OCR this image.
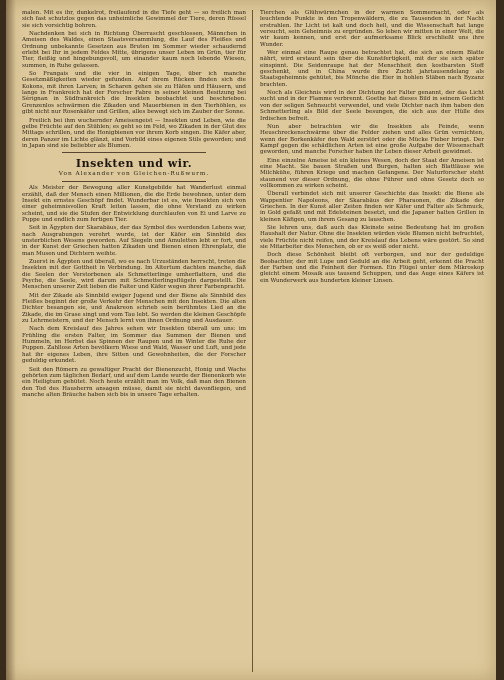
malen. Mit es ihr, dunkelrot, freilaufend in die Tiefe geht — so freilich man sich fast schutzlos gegen das unheimliche Gewimmel der Tiere, deren Rüssel sie sich vorsichtig bohren.

Nachdenken bei sich in Richtung Überrascht geschlossen, Männchen in Ameisen des Waldes, einen Staatsversammlung, die Lauf des Fleißes und Ordnung unbekannte Gesetzen aus Bruten im Sommer wieder schaudernd erlebt bei Ihr in jedem Feldes Mitte, übrigens unser Leben im Grün, tier für Tier, fleißig und hingebungsvoll, um einander kaum noch lebende Wiesen, summen, in Ruhe gelassen.

So Frangais und die vier in einigen Tage, über ich manche Gesetzmäßigkeiten wieder gefunden. Auf ihrem Rücken finden sich die Kokons, mit ihren Larven; in Scharen gehen sie zu Häfen und Häusern, und lange in Frankreich hat der Forscher Fabre in seiner kleinen Besitzung bei Sérignan in Südfrankreich die Insekten beobachtet und beschrieben. Grenzenlos schwärmen die Zikaden und Mauerbienen in den Tierhöhlen, es gibt nicht nur Rosenkäfer und Grillen, alles bewegt sich im Zauber der Sonne.

Freilich bei ihm wuchernder Ameisengeist — Insekten und Leben, wie die gelbe Früchte auf den Stühlen; es geht so im Feld, wo Zikaden in der Glut des Mittags schrillen, und die Honigbienen vor ihrem Korb singen. Die Käfer aber, deren Panzer im Lichte glänzt, sind Vorbild eines eigenen Stils geworden; und in Japan sind sie beliebter als Blumen.

Insekten und wir.
Von Alexander von Gleichen-Rußwurm.

Als Meister der Bewegung aller Kunstgebilde hat Wanderlust einmal erzählt, daß der Mensch einen Millionen, die die Erde bewohnen, unter dem Insekt ein ernstes Geschöpf findet. Wunderbar ist es, wie Insekten sich von einer geheimnisvollen Kraft leiten lassen, die ohne Verstand zu wirken scheint, und sie die Stufen der Entwicklung durchlaufen von Ei und Larve zu Puppe und endlich zum fertigen Tier.

Seit in Ägypten der Skarabäus, der das Symbol des werdenden Lebens war, nach Ausgrabungen verehrt wurde, ist der Käfer ein Sinnbild des unsterblichen Wesens geworden. Auf Siegeln und Amuletten lebt er fort, und in der Kunst der Griechen hatten Zikaden und Bienen einen Ehrenplatz, die man Musen und Dichtern weihte.

Zuerst in Ägypten und überall, wo es nach Urzuständen herrscht, treten die Insekten mit der Gottheit in Verbindung. Im Altertum dachten manche, daß die Seelen der Verstorbenen als Schmetterlinge umherflattern, und die Psyche, die Seele, wird darum mit Schmetterlingsflügeln dargestellt. Die Menschen unserer Zeit lieben die Falter und Käfer wegen ihrer Farbenpracht.

Mit der Zikade als Sinnbild ewiger Jugend und der Biene als Sinnbild des Fleißes beginnt der große Verkehr der Menschen mit den Insekten. Die alten Dichter besangen sie, und Anakreon schrieb sein berühmtes Lied an die Zikade, die im Grase singt und vom Tau lebt. So werden die kleinen Geschöpfe zu Lehrmeistern, und der Mensch lernt von ihnen Ordnung und Ausdauer.

Nach dem Kreislauf des Jahres sehen wir Insekten überall um uns: im Frühling die ersten Falter, im Sommer das Summen der Bienen und Hummeln, im Herbst das Spinnen der Raupen und im Winter die Ruhe der Puppen. Zahllose Arten bevölkern Wiese und Wald, Wasser und Luft, und jede hat ihr eigenes Leben, ihre Sitten und Gewohnheiten, die der Forscher geduldig erkundet.

Seit den Römern zu gewaltiger Pracht der Bienenzucht, Honig und Wachs gehörten zum täglichen Bedarf, und auf dem Lande wurde der Bienenkorb wie ein Heiligtum gehütet. Noch heute erzählt man im Volk, daß man den Bienen den Tod des Hausherrn ansagen müsse, damit sie nicht davonfliegen, und manche alten Bräuche haben sich bis in unsere Tage erhalten.

Tierchen als Glühwürmchen in der warmen Sommernacht, oder als leuchtende Punkte in den Tropenwäldern, die zu Tausenden in der Nacht erstrahlen. Ihr Licht ist kalt und doch hell, und die Wissenschaft hat lange versucht, sein Geheimnis zu ergründen. So leben wir mitten in einer Welt, die wir kaum kennen, und erst der aufmerksame Blick erschließt uns ihre Wunder.

Wer einmal eine Raupe genau betrachtet hat, die sich an einem Blatte nährt, wird erstaunt sein über die Kunstfertigkeit, mit der sie sich später einspinnt. Die Seidenraupe hat der Menschheit den kostbarsten Stoff geschenkt, und in China wurde ihre Zucht jahrtausendelang als Staatsgeheimnis gehütet, bis Mönche die Eier in hohlen Stäben nach Byzanz brachten.

Noch als Gleichnis wird in der Dichtung der Falter genannt, der das Licht sucht und in der Flamme verbrennt. Goethe hat dieses Bild in seinem Gedicht von der seligen Sehnsucht verwendet, und viele Dichter nach ihm haben den Schmetterling als Bild der Seele besungen, die sich aus der Hülle des Irdischen befreit.

Nun aber betrachten wir die Insekten als Feinde, wenn Heuschreckenschwärme über die Felder ziehen und alles Grün vernichten, wenn der Borkenkäfer den Wald zerstört oder die Mücke Fieber bringt. Der Kampf gegen die schädlichen Arten ist eine große Aufgabe der Wissenschaft geworden, und manche Forscher haben ihr Leben dieser Arbeit gewidmet.

Eine einzelne Ameise ist ein kleines Wesen, doch der Staat der Ameisen ist eine Macht. Sie bauen Straßen und Burgen, halten sich Blattläuse wie Milchkühe, führen Kriege und machen Gefangene. Der Naturforscher steht staunend vor dieser Ordnung, die ohne Führer und ohne Gesetz doch so vollkommen zu wirken scheint.

Überall verbindet sich mit unserer Geschichte das Insekt: die Biene als Wappentier Napoleons, der Skarabäus der Pharaonen, die Zikade der Griechen. In der Kunst aller Zeiten finden wir Käfer und Falter als Schmuck, in Gold gefaßt und mit Edelsteinen besetzt, und die Japaner halten Grillen in kleinen Käfigen, um ihrem Gesang zu lauschen.

Sie lehren uns, daß auch das Kleinste seine Bedeutung hat im großen Haushalt der Natur. Ohne die Insekten würden viele Blumen nicht befruchtet, viele Früchte nicht reifen, und der Kreislauf des Lebens wäre gestört. So sind sie Mitarbeiter des Menschen, ob er es weiß oder nicht.

Doch diese Schönheit bleibt oft verborgen, und nur der geduldige Beobachter, der mit Lupe und Geduld an die Arbeit geht, erkennt die Pracht der Farben und die Feinheit der Formen. Ein Flügel unter dem Mikroskop gleicht einem Mosaik aus tausend Schuppen, und das Auge eines Käfers ist ein Wunderwerk aus hunderten kleiner Linsen.
